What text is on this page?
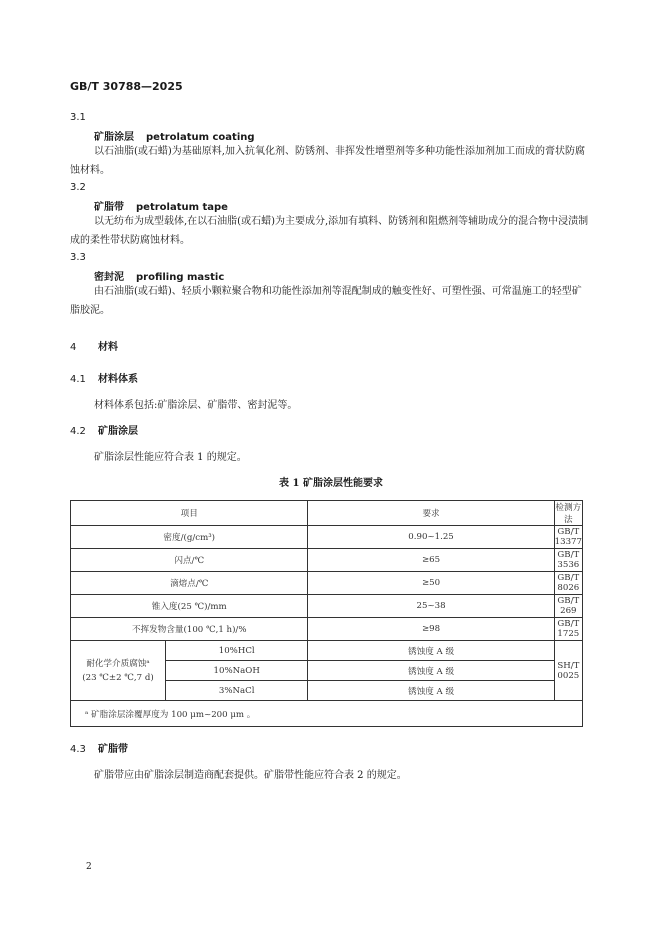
GB/T 30788—2025
3.1
矿脂涂层 petrolatum coating
以石油脂(或石蜡)为基础原料,加入抗氧化剂、防锈剂、非挥发性增塑剂等多种功能性添加剂加工而成的膏状防腐蚀材料。
3.2
矿脂带 petrolatum tape
以无纺布为成型载体,在以石油脂(或石蜡)为主要成分,添加有填料、防锈剂和阻燃剂等辅助成分的混合物中浸渍制成的柔性带状防腐蚀材料。
3.3
密封泥 profiling mastic
由石油脂(或石蜡)、轻质小颗粒聚合物和功能性添加剂等混配制成的触变性好、可塑性强、可常温施工的轻型矿脂胶泥。
4 材料
4.1 材料体系
材料体系包括:矿脂涂层、矿脂带、密封泥等。
4.2 矿脂涂层
矿脂涂层性能应符合表 1 的规定。
表 1 矿脂涂层性能要求
项目		要求	检测方法
密度/(g/cm³)		0.90~1.25	GB/T 13377
闪点/℃		≥65	GB/T 3536
滴熔点/℃		≥50	GB/T 8026
锥入度(25 ℃)/mm		25~38	GB/T 269
不挥发物含量(100 ℃,1 h)/%		≥98	GB/T 1725

耐化学介质腐蚀ᵃ
(23 ℃±2 ℃,7 d)	10%HCl	锈蚀度 A 级	SH/T 0025
	10%NaOH	锈蚀度 A 级	
	3%NaCl	锈蚀度 A 级	
ᵃ 矿脂涂层涂覆厚度为 100 μm~200 μm 。			
4.3 矿脂带
矿脂带应由矿脂涂层制造商配套提供。矿脂带性能应符合表 2 的规定。
2
